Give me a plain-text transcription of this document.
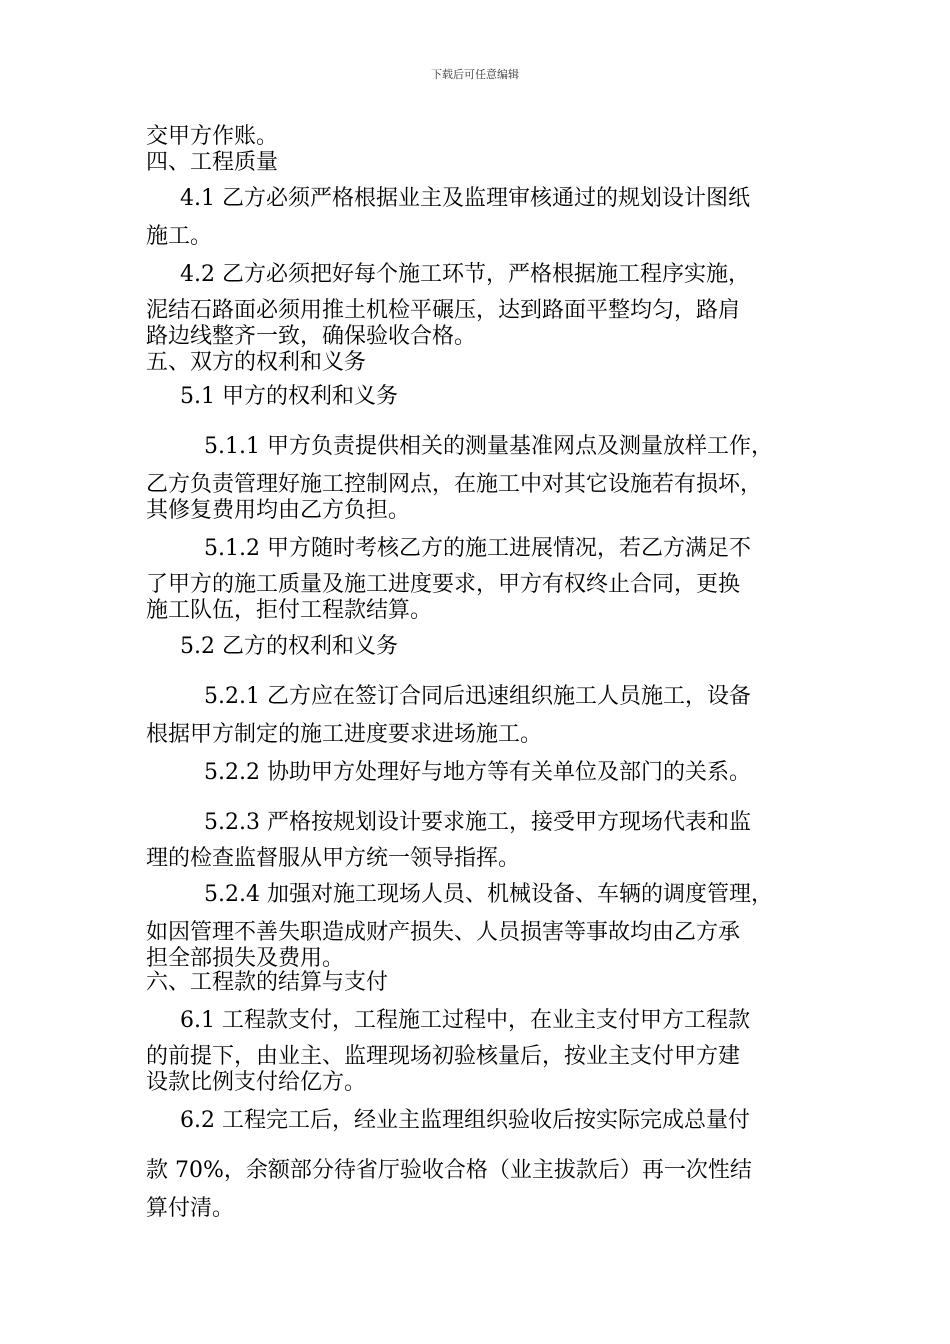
下载后可任意编辑
交甲方作账。
四、工程质量
4.1 乙方必须严格根据业主及监理审核通过的规划设计图纸
施工。
4.2 乙方必须把好每个施工环节，严格根据施工程序实施，
泥结石路面必须用推土机检平碾压，达到路面平整均匀，路肩
路边线整齐一致，确保验收合格。
五、双方的权利和义务
5.1 甲方的权利和义务
5.1.1 甲方负责提供相关的测量基准网点及测量放样工作，
乙方负责管理好施工控制网点，在施工中对其它设施若有损坏，
其修复费用均由乙方负担。
5.1.2 甲方随时考核乙方的施工进展情况，若乙方满足不
了甲方的施工质量及施工进度要求，甲方有权终止合同，更换
施工队伍，拒付工程款结算。
5.2 乙方的权利和义务
5.2.1 乙方应在签订合同后迅速组织施工人员施工，设备
根据甲方制定的施工进度要求进场施工。
5.2.2 协助甲方处理好与地方等有关单位及部门的关系。
5.2.3 严格按规划设计要求施工，接受甲方现场代表和监
理的检查监督服从甲方统一领导指挥。
5.2.4 加强对施工现场人员、机械设备、车辆的调度管理，
如因管理不善失职造成财产损失、人员损害等事故均由乙方承
担全部损失及费用。
六、工程款的结算与支付
6.1 工程款支付，工程施工过程中，在业主支付甲方工程款
的前提下，由业主、监理现场初验核量后，按业主支付甲方建
设款比例支付给亿方。
6.2 工程完工后，经业主监理组织验收后按实际完成总量付
款 70%，余额部分待省厅验收合格（业主拔款后）再一次性结
算付清。
